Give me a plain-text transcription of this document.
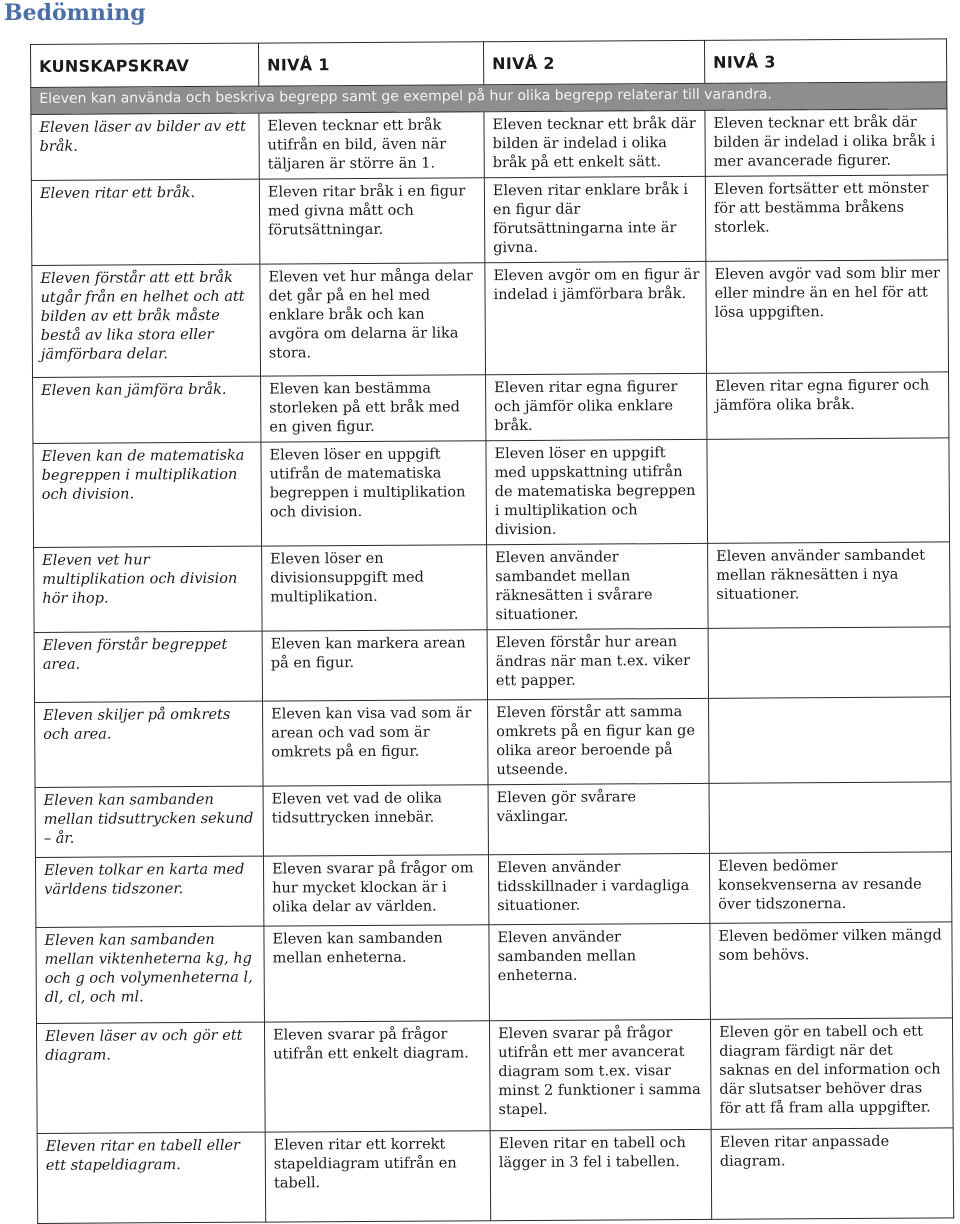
Bedömning
KUNSKAPSKRAV	NIVÅ 1	NIVÅ 2	NIVÅ 3
Eleven kan använda och beskriva begrepp samt ge exempel på hur olika begrepp relaterar till varandra.			
Eleven läser av bilder av ett bråk.	Eleven tecknar ett bråk utifrån en bild, även när täljaren är större än 1.	Eleven tecknar ett bråk där bilden är indelad i olika bråk på ett enkelt sätt.	Eleven tecknar ett bråk där bilden är indelad i olika bråk i mer avancerade figurer.
Eleven ritar ett bråk.	Eleven ritar bråk i en figur med givna mått och förutsättningar.	Eleven ritar enklare bråk i en figur där förutsättningarna inte är givna.	Eleven fortsätter ett mönster för att bestämma bråkens storlek.
Eleven förstår att ett bråk utgår från en helhet och att bilden av ett bråk måste bestå av lika stora eller jämförbara delar.	Eleven vet hur många delar det går på en hel med enklare bråk och kan avgöra om delarna är lika stora.	Eleven avgör om en figur är indelad i jämförbara bråk.	Eleven avgör vad som blir mer eller mindre än en hel för att lösa uppgiften.
Eleven kan jämföra bråk.	Eleven kan bestämma storleken på ett bråk med en given figur.	Eleven ritar egna figurer och jämför olika enklare bråk.	Eleven ritar egna figurer och jämföra olika bråk.
Eleven kan de matematiska begreppen i multiplikation och division.	Eleven löser en uppgift utifrån de matematiska begreppen i multiplikation och division.	Eleven löser en uppgift med uppskattning utifrån de matematiska begreppen i multiplikation och division.	
Eleven vet hur multiplikation och division hör ihop.	Eleven löser en divisionsuppgift med multiplikation.	Eleven använder sambandet mellan räknesätten i svårare situationer.	Eleven använder sambandet mellan räknesätten i nya situationer.
Eleven förstår begreppet area.	Eleven kan markera arean på en figur.	Eleven förstår hur arean ändras när man t.ex. viker ett papper.	
Eleven skiljer på omkrets och area.	Eleven kan visa vad som är arean och vad som är omkrets på en figur.	Eleven förstår att samma omkrets på en figur kan ge olika areor beroende på utseende.	
Eleven kan sambanden mellan tidsuttrycken sekund – år.	Eleven vet vad de olika tidsuttrycken innebär.	Eleven gör svårare växlingar.	
Eleven tolkar en karta med världens tidszoner.	Eleven svarar på frågor om hur mycket klockan är i olika delar av världen.	Eleven använder tidsskillnader i vardagliga situationer.	Eleven bedömer konsekvenserna av resande över tidszonerna.
Eleven kan sambanden mellan viktenheterna kg, hg och g och volymenheterna l, dl, cl, och ml.	Eleven kan sambanden mellan enheterna.	Eleven använder sambanden mellan enheterna.	Eleven bedömer vilken mängd som behövs.
Eleven läser av och gör ett diagram.	Eleven svarar på frågor utifrån ett enkelt diagram.	Eleven svarar på frågor utifrån ett mer avancerat diagram som t.ex. visar minst 2 funktioner i samma stapel.	Eleven gör en tabell och ett diagram färdigt när det saknas en del information och där slutsatser behöver dras för att få fram alla uppgifter.
Eleven ritar en tabell eller ett stapeldiagram.	Eleven ritar ett korrekt stapeldiagram utifrån en tabell.	Eleven ritar en tabell och lägger in 3 fel i tabellen.	Eleven ritar anpassade diagram.
